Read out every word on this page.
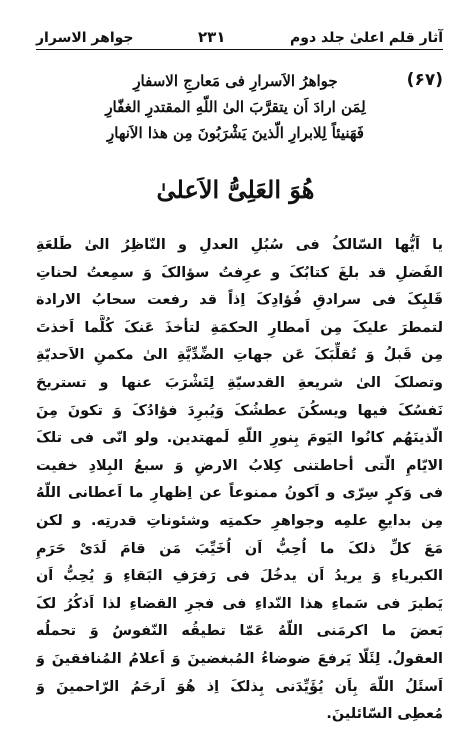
آثار قلم اعلیٰ جلد دوم
۲۳۱
جواهر الاسرار
(۶۷)
جواهرُ الاَسرارِ فی مَعارجِ الاسفارِ
لِمَن ارادَ اَن يتقرَّبَ الیٰ اللّهِ المقتدرِ الغفّارِ
فَهَنيئاً لِلابرارِ الّذينَ يَشْرَبُونَ مِن هذا الاَنهارِ
هُوَ العَلِیُّ الاَعلیٰ
يا اَيُّها السّالکُ فی سُبُلِ العدلِ و النّاظِرُ الیٰ طَلعَةِ
الفَضلِ قد بلغَ کتابُکَ و عرِفتُ سؤالکَ وَ سمِعتُ لحناتِ
قَلبِکَ فی سرادقِ فُؤادِکَ اِذاً قد رفعت سحابُ الارادة
لتمطرَ عليکَ مِن اَمطارِ الحکمَةِ لتأخذَ عَنکَ کُلَّما اَخذتَ
مِن قَبلُ وَ تُقلِّبَکَ عَن جهاتِ الضِّدِّيَّةِ الیٰ مکمنِ الاَحديّةِ
وتصلکَ الیٰ شريعةِ القدسيّةِ لِتَشْرَبَ عنها و تستريحَ
نَفسُکَ فيها ويسکُنَ عطشُکَ وَيُبرِدَ فؤادُکَ وَ تکونَ مِنَ
الّذينَهُم کانُوا اليَومَ بِنورِ اللّهِ لَمهتدين. ولو انّی فی تلکَ
الايّامِ الّتی أحاطتنی کِلابُ الارضِ وَ سبعُ البِلادِ خفيت
فی وَکرٍ سِرّی و اَکونُ ممنوعاً عن اِظهارِ ما اَعطانی اللّهُ
مِن بدايعِ علمِه وجواهرِ حکمتِه وشئوناتِ قدرتِه. و لکن
مَعَ کلِّ ذلکَ ما اُحِبُّ اَن اُخَيِّبَ مَن قامَ لَدَیْ حَرَمِ
الکبرياءِ وَ يريدُ اَن يدخُلَ فی رَفرَفِ البَقاءِ وَ يُحِبُّ اَن
يَطيرَ فی سَماءِ هذا النّداءِ فی فجرِ القضاءِ لذا اَذکُرُ لکَ
بَعضَ ما اکرمَنی اللّهُ عَمّا تطيقُه النّفوسُ وَ تحملُه
العقولُ. لِئَلّا يَرفعَ ضوضاءُ المُبغضينَ وَ اَعلامُ المُنافقينَ وَ
اَسئَلُ اللّهَ بِاَن يُؤَيِّدَنی بِذلکَ اِذ هُوَ اَرحَمُ الرّاحمينَ وَ
مُعطِی السّائلينَ.
